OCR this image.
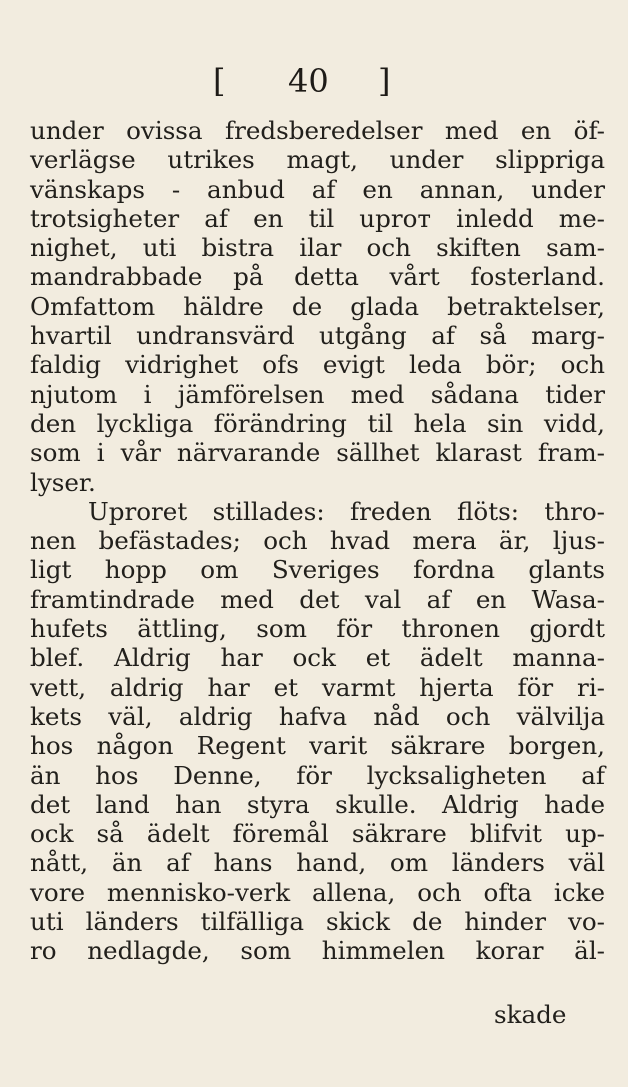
[ 40 ]
under ovissa fredsberedelser med en öf-
verlägse utrikes magt, under slippriga
vänskaps - anbud af en annan, under
trotsigheter af en til uproт inledd me-
nighet, uti bistra ilar och skiften sam-
mandrabbade på detta vårt fosterland.
Omfattom häldre de glada betraktelser,
hvartil undransvärd utgång af så marg-
faldig vidrighet ofs evigt leda bör; och
njutom i jämförelsen med sådana tider
den lyckliga förändring til hela sin vidd,
som i vår närvarande sällhet klarast fram-
lyser.
Uproret stillades: freden flöts: thro-
nen befästades; och hvad mera är, ljus-
ligt hopp om Sveriges fordna glants
framtindrade med det val af en Wasa-
hufets ättling, som för thronen gjordt
blef. Aldrig har ock et ädelt manna-
vett, aldrig har et varmt hjerta för ri-
kets väl, aldrig hafva nåd och välvilja
hos någon Regent varit säkrare borgen,
än hos Denne, för lycksaligheten af
det land han styra skulle. Aldrig hade
ock så ädelt föremål säkrare blifvit up-
nått, än af hans hand, om länders väl
vore mennisko-verk allena, och ofta icke
uti länders tilfälliga skick de hinder vo-
ro nedlagde, som himmelen korar äl-
skade
